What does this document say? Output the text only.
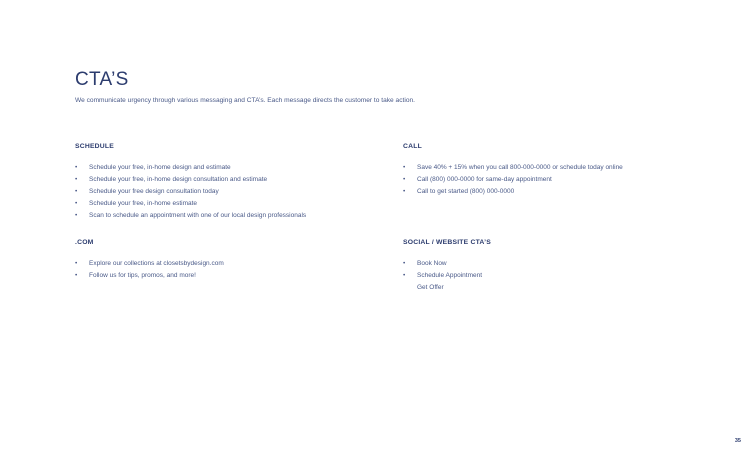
CTA’S

We communicate urgency through various messaging and CTA’s. Each message directs the customer to take action.

SCHEDULE
• Schedule your free, in-home design and estimate
• Schedule your free, in-home design consultation and estimate
• Schedule your free design consultation today
• Schedule your free, in-home estimate
• Scan to schedule an appointment with one of our local design professionals
CALL
• Save 40% + 15% when you call 800-000-0000 or schedule today online
• Call (800) 000-0000 for same-day appointment
• Call to get started (800) 000-0000
.COM
• Explore our collections at closetsbydesign.com
• Follow us for tips, promos, and more!
SOCIAL / WEBSITE CTA’S
• Book Now
• Schedule Appointment
Get Offer
35
